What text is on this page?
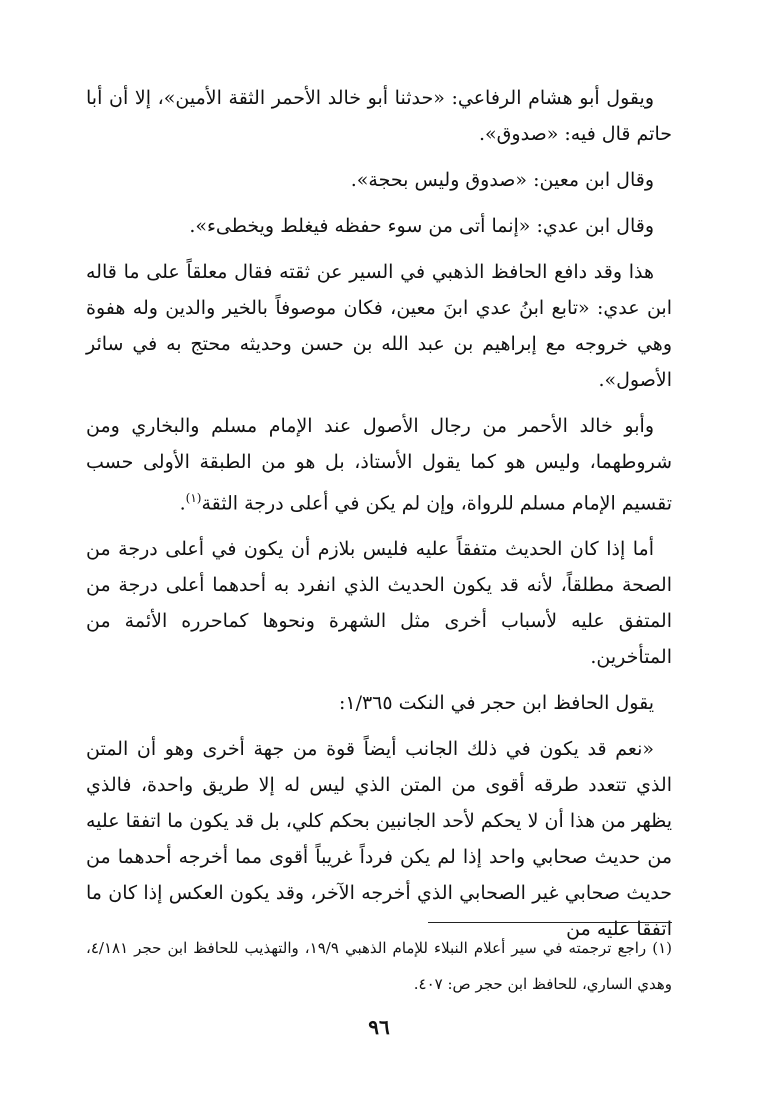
ويقول أبو هشام الرفاعي: «حدثنا أبو خالد الأحمر الثقة الأمين»، إلا أن أبا حاتم قال فيه: «صدوق».

وقال ابن معين: «صدوق وليس بحجة».

وقال ابن عدي: «إنما أتى من سوء حفظه فيغلط ويخطىء».

هذا وقد دافع الحافظ الذهبي في السير عن ثقته فقال معلقاً على ما قاله ابن عدي: «تابع ابنُ عدي ابنَ معين، فكان موصوفاً بالخير والدين وله هفوة وهي خروجه مع إبراهيم بن عبد الله بن حسن وحديثه محتج به في سائر الأصول».

وأبو خالد الأحمر من رجال الأصول عند الإمام مسلم والبخاري ومن شروطهما، وليس هو كما يقول الأستاذ، بل هو من الطبقة الأولى حسب تقسيم الإمام مسلم للرواة، وإن لم يكن في أعلى درجة الثقة$^{(١)}$.

أما إذا كان الحديث متفقاً عليه فليس بلازم أن يكون في أعلى درجة من الصحة مطلقاً، لأنه قد يكون الحديث الذي انفرد به أحدهما أعلى درجة من المتفق عليه لأسباب أخرى مثل الشهرة ونحوها كماحرره الأئمة من المتأخرين.

يقول الحافظ ابن حجر في النكت ١/٣٦٥:

«نعم قد يكون في ذلك الجانب أيضاً قوة من جهة أخرى وهو أن المتن الذي تتعدد طرقه أقوى من المتن الذي ليس له إلا طريق واحدة، فالذي يظهر من هذا أن لا يحكم لأحد الجانبين بحكم كلي، بل قد يكون ما اتفقا عليه من حديث صحابي واحد إذا لم يكن فرداً غريباً أقوى مما أخرجه أحدهما من حديث صحابي غير الصحابي الذي أخرجه الآخر، وقد يكون العكس إذا كان ما اتفقا عليه من

(١) راجع ترجمته في سير أعلام النبلاء للإمام الذهبي ١٩/٩، والتهذيب للحافظ ابن حجر ٤/١٨١، وهدي الساري، للحافظ ابن حجر ص: ٤٠٧.

٩٦
